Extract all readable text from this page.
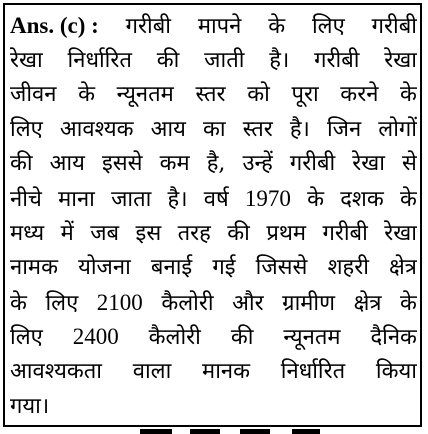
Ans. (c) : गरीबी मापने के लिए गरीबी
रेखा निर्धारित की जाती है। गरीबी रेखा
जीवन के न्यूनतम स्तर को पूरा करने के
लिए आवश्यक आय का स्तर है। जिन लोगों
की आय इससे कम है, उन्हें गरीबी रेखा से
नीचे माना जाता है। वर्ष 1970 के दशक के
मध्य में जब इस तरह की प्रथम गरीबी रेखा
नामक योजना बनाई गई जिससे शहरी क्षेत्र
के लिए 2100 कैलोरी और ग्रामीण क्षेत्र के
लिए 2400 कैलोरी की न्यूनतम दैनिक
आवश्यकता वाला मानक निर्धारित किया
गया।
